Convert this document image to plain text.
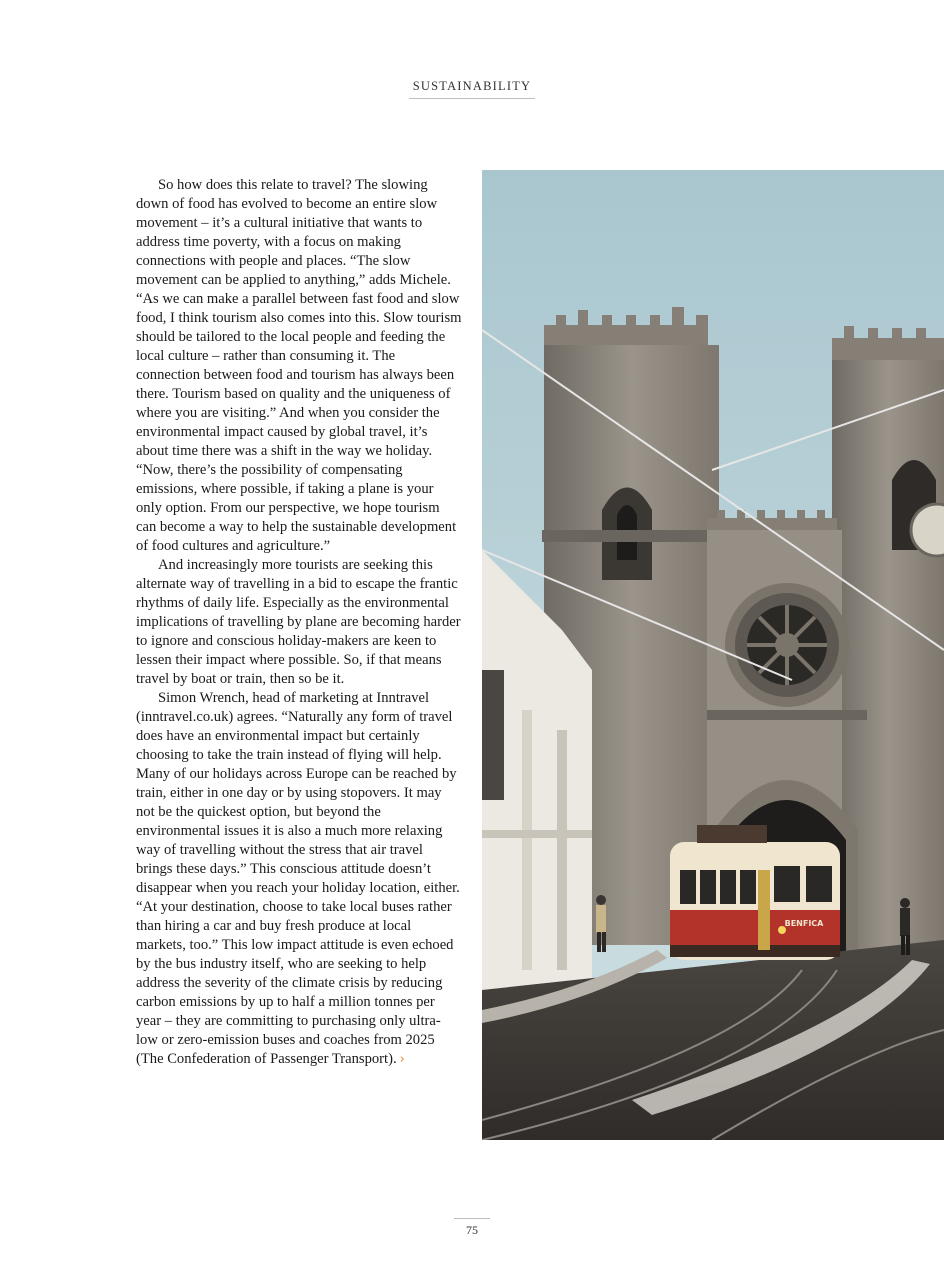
SUSTAINABILITY

So how does this relate to travel? The slowing down of food has evolved to become an entire slow movement – it’s a cultural initiative that wants to address time poverty, with a focus on making connections with people and places. “The slow movement can be applied to anything,” adds Michele. “As we can make a parallel between fast food and slow food, I think tourism also comes into this. Slow tourism should be tailored to the local people and feeding the local culture – rather than consuming it. The connection between food and tourism has always been there. Tourism based on quality and the uniqueness of where you are visiting.” And when you consider the environmental impact caused by global travel, it’s about time there was a shift in the way we holiday. “Now, there’s the possibility of compensating emissions, where possible, if taking a plane is your only option. From our perspective, we hope tourism can become a way to help the sustainable development of food cultures and agriculture.”

And increasingly more tourists are seeking this alternate way of travelling in a bid to escape the frantic rhythms of daily life. Especially as the environmental implications of travelling by plane are becoming harder to ignore and conscious holiday-makers are keen to lessen their impact where possible. So, if that means travel by boat or train, then so be it.

Simon Wrench, head of marketing at Inntravel (inntravel.co.uk) agrees. “Naturally any form of travel does have an environmental impact but certainly choosing to take the train instead of flying will help. Many of our holidays across Europe can be reached by train, either in one day or by using stopovers. It may not be the quickest option, but beyond the environmental issues it is also a much more relaxing way of travelling without the stress that air travel brings these days.” This conscious attitude doesn’t disappear when you reach your holiday location, either. “At your destination, choose to take local buses rather than hiring a car and buy fresh produce at local markets, too.” This low impact attitude is even echoed by the bus industry itself, who are seeking to help address the severity of the climate crisis by reducing carbon emissions by up to half a million tonnes per year – they are committing to purchasing only ultra-low or zero-emission buses and coaches from 2025 (The Confederation of Passenger Transport). ›

BENFICA
75
